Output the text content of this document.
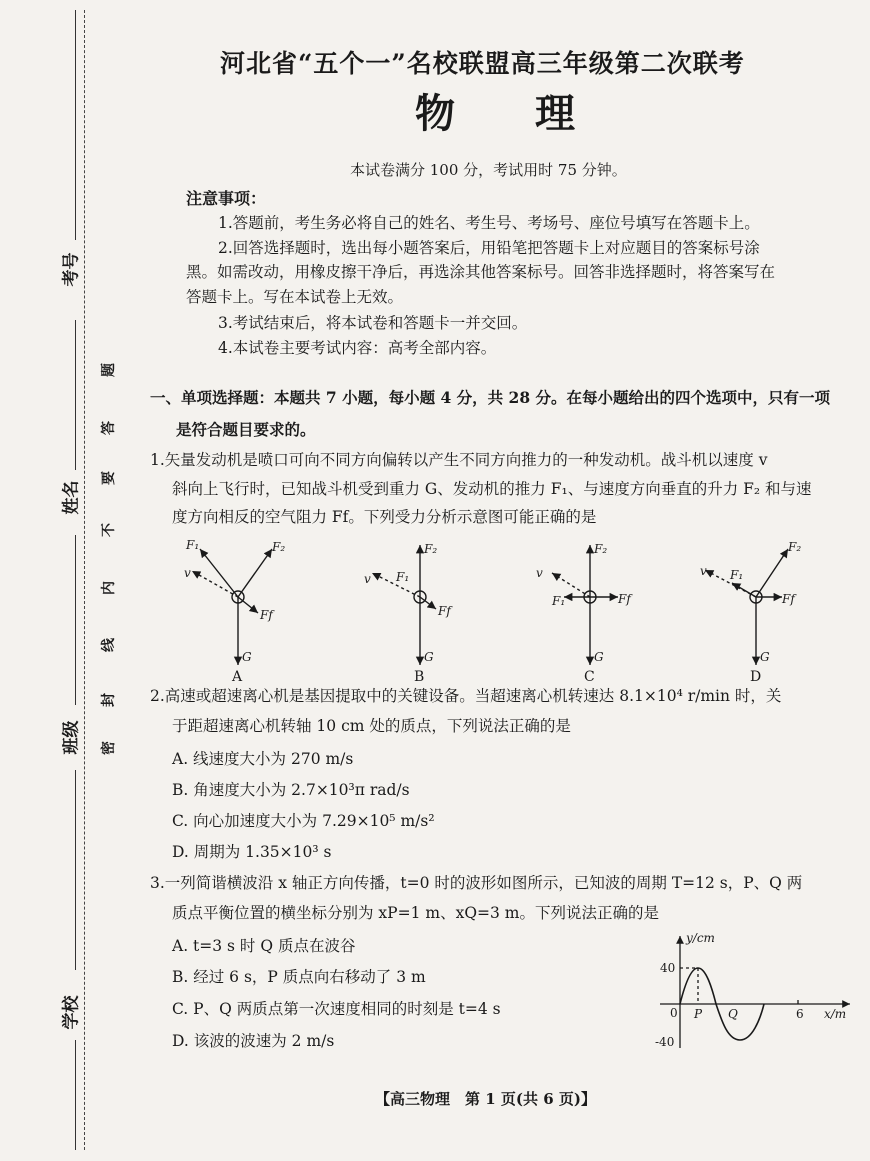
考号
姓名
班级
学校
题
答
要
不
内
线
封
密
河北省“五个一”名校联盟高三年级第二次联考
物理
本试卷满分 100 分，考试用时 75 分钟。
注意事项：
1.答题前，考生务必将自己的姓名、考生号、考场号、座位号填写在答题卡上。
2.回答选择题时，选出每小题答案后，用铅笔把答题卡上对应题目的答案标号涂
黑。如需改动，用橡皮擦干净后，再选涂其他答案标号。回答非选择题时，将答案写在
答题卡上。写在本试卷上无效。
3.考试结束后，将本试卷和答题卡一并交回。
4.本试卷主要考试内容：高考全部内容。
一、单项选择题：本题共 7 小题，每小题 4 分，共 28 分。在每小题给出的四个选项中，只有一项
是符合题目要求的。
1.矢量发动机是喷口可向不同方向偏转以产生不同方向推力的一种发动机。战斗机以速度 v
斜向上飞行时，已知战斗机受到重力 G、发动机的推力 F₁、与速度方向垂直的升力 F₂ 和与速
度方向相反的空气阻力 Ff。下列受力分析示意图可能正确的是
F₁	F₂
v
Ff
G
F₂
F₁
v
Ff
G
F₂
v
F₁	Ff
G
F₂
v F₁
Ff
G
A	B	C	D
2.高速或超速离心机是基因提取中的关键设备。当超速离心机转速达 8.1×10⁴ r/min 时，关
于距超速离心机转轴 10 cm 处的质点，下列说法正确的是
A. 线速度大小为 270 m/s
B. 角速度大小为 2.7×10³π rad/s
C. 向心加速度大小为 7.29×10⁵ m/s²
D. 周期为 1.35×10³ s
3.一列简谐横波沿 x 轴正方向传播，t=0 时的波形如图所示，已知波的周期 T=12 s，P、Q 两
质点平衡位置的横坐标分别为 xP=1 m、xQ=3 m。下列说法正确的是
A. t=3 s 时 Q 质点在波谷
B. 经过 6 s，P 质点向右移动了 3 m
C. P、Q 两质点第一次速度相同的时刻是 t=4 s
D. 该波的波速为 2 m/s
y/cm
40
-40
0 P Q	6 x/m
【高三物理　第 1 页(共 6 页)】
